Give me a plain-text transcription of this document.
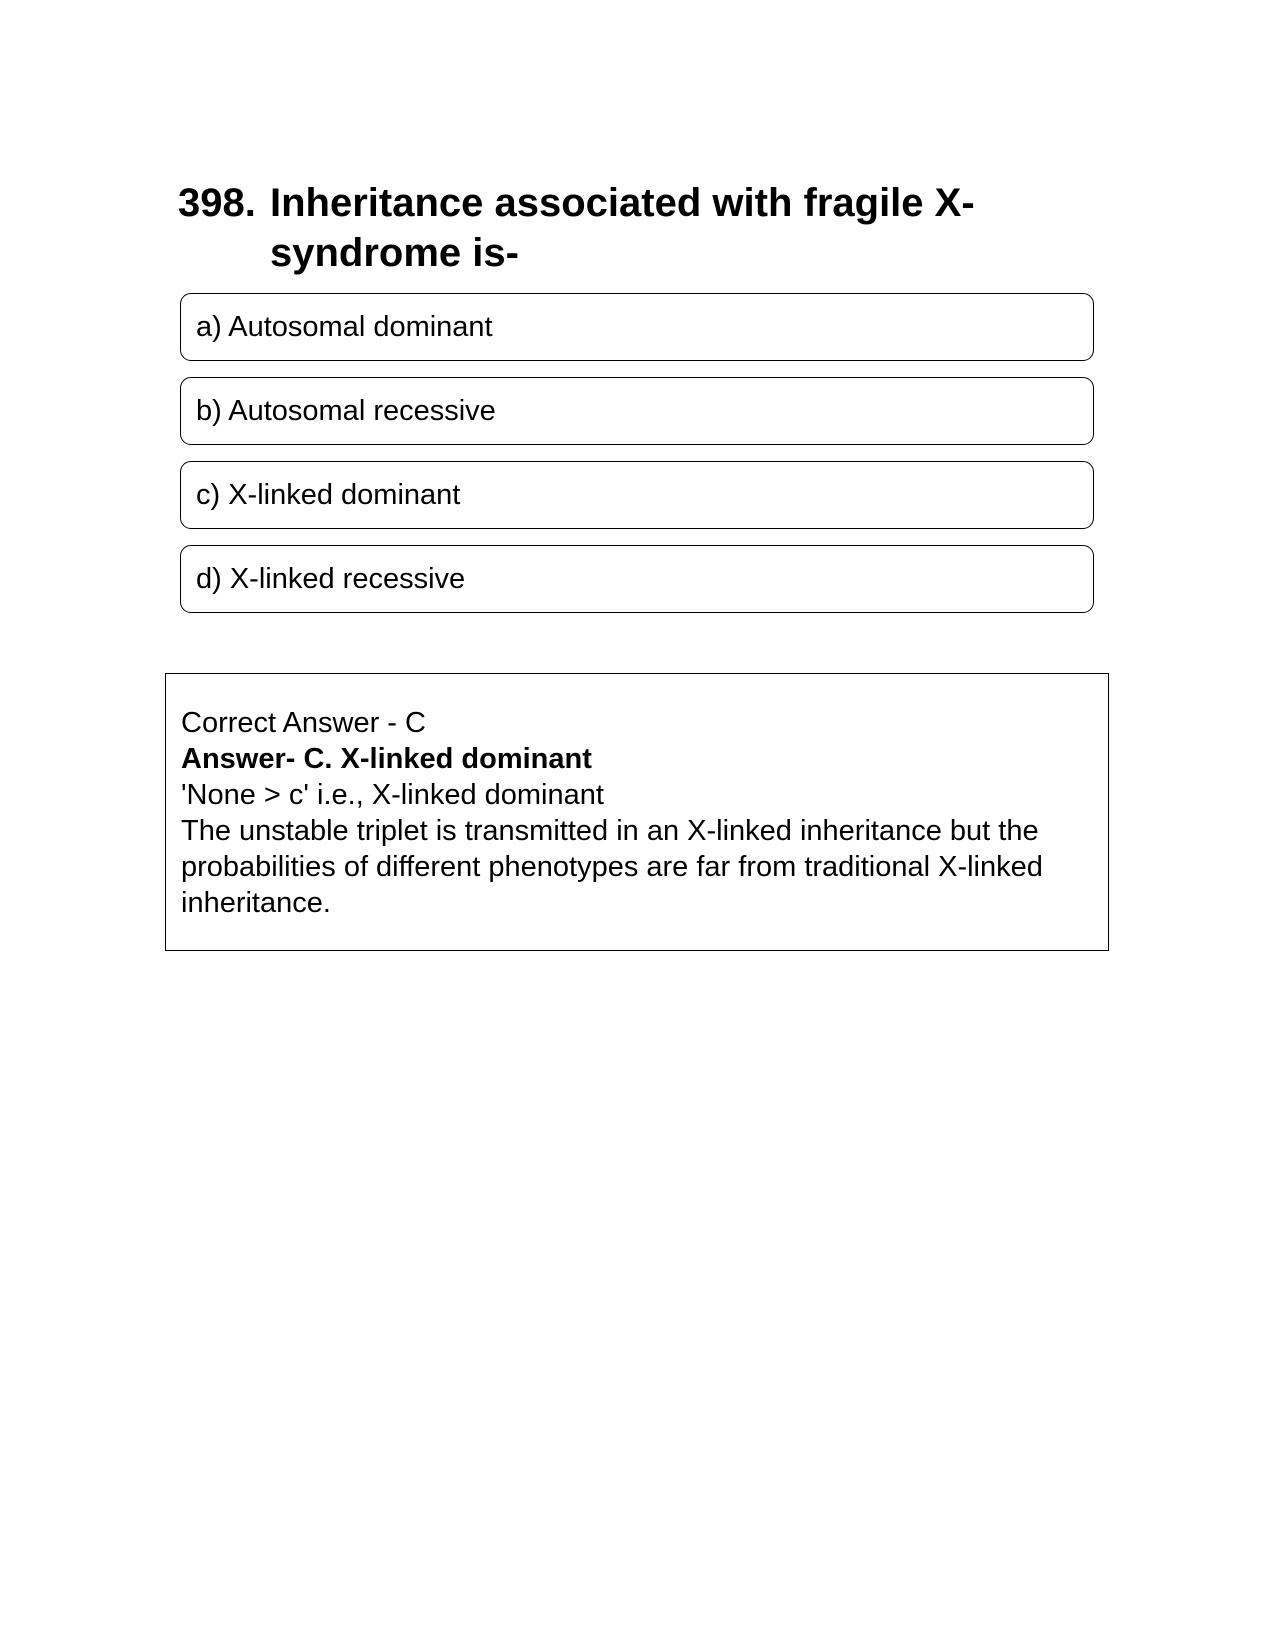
398. Inheritance associated with fragile X-syndrome is-
a) Autosomal dominant
b) Autosomal recessive
c) X-linked dominant
d) X-linked recessive
Correct Answer - C
Answer- C. X-linked dominant
'None > c' i.e., X-linked dominant
The unstable triplet is transmitted in an X-linked inheritance but the probabilities of different phenotypes are far from traditional X-linked inheritance.
